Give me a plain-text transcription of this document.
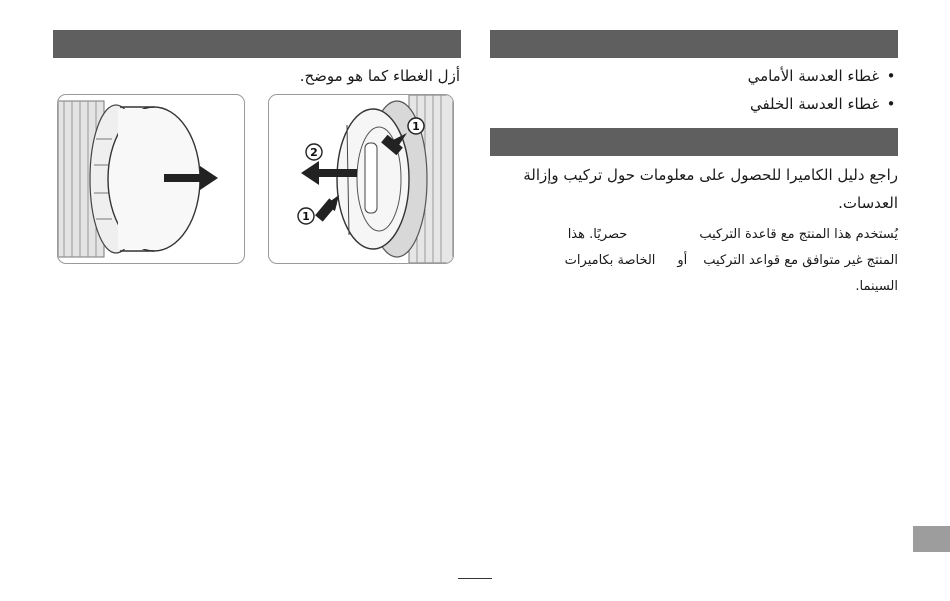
• غطاء العدسة الأمامي
• غطاء العدسة الخلفي
راجع دليل الكاميرا للحصول على معلومات حول تركيب وإزالة
العدسات.
يُستخدم هذا المنتج مع قاعدة التركيبحصريًا. هذا
المنتج غير متوافق مع قواعد التركيبأوالخاصة بكاميرات
السينما.
أزل الغطاء كما هو موضح.
2
1
1
